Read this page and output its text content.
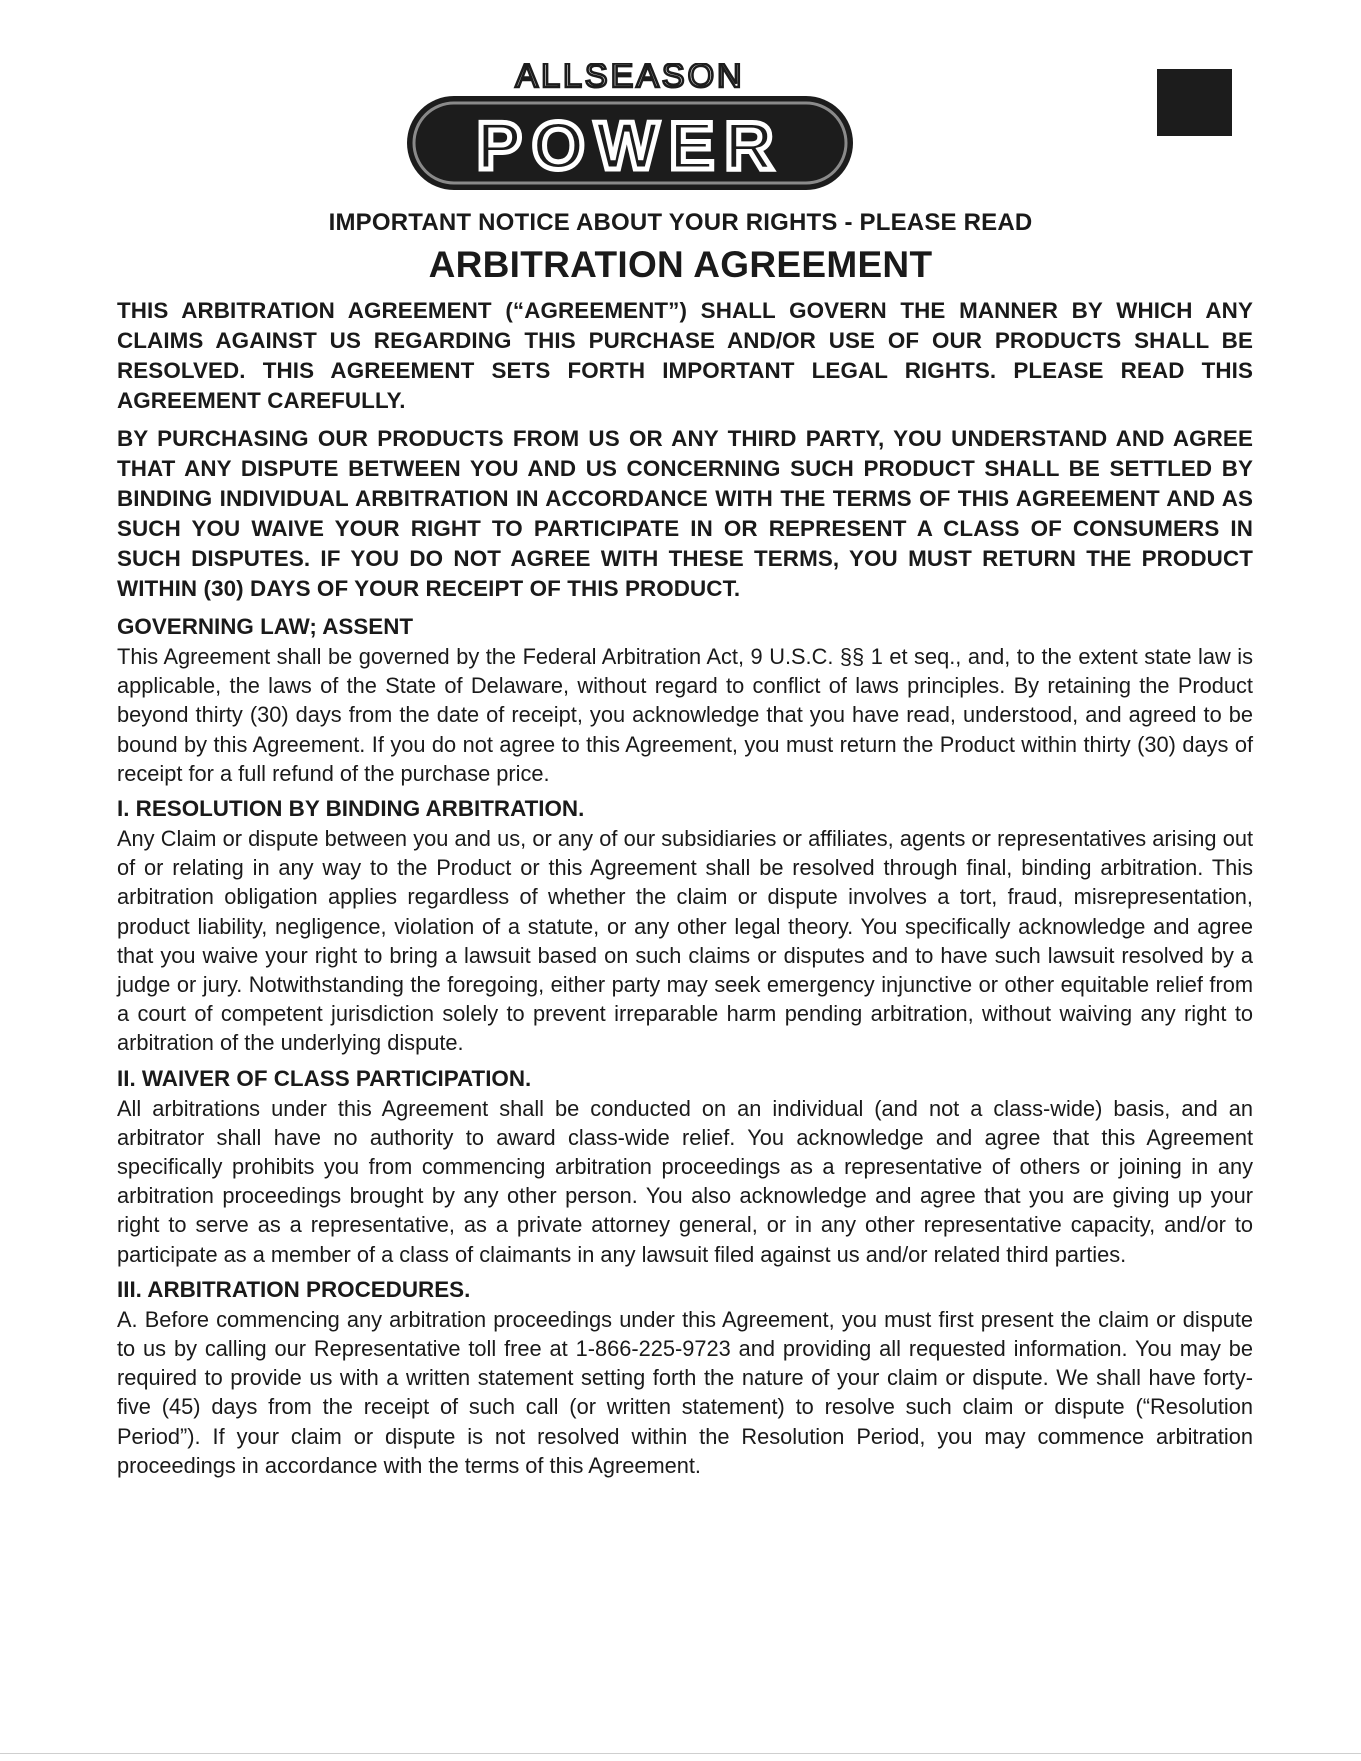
ALLSEASON
POWER
IMPORTANT NOTICE ABOUT YOUR RIGHTS - PLEASE READ
ARBITRATION AGREEMENT

THIS ARBITRATION AGREEMENT (“AGREEMENT”) SHALL GOVERN THE MANNER BY WHICH ANY CLAIMS AGAINST US REGARDING THIS PURCHASE AND/OR USE OF OUR PRODUCTS SHALL BE RESOLVED. THIS AGREEMENT SETS FORTH IMPORTANT LEGAL RIGHTS. PLEASE READ THIS AGREEMENT CAREFULLY.

BY PURCHASING OUR PRODUCTS FROM US OR ANY THIRD PARTY, YOU UNDERSTAND AND AGREE THAT ANY DISPUTE BETWEEN YOU AND US CONCERNING SUCH PRODUCT SHALL BE SETTLED BY BINDING INDIVIDUAL ARBITRATION IN ACCORDANCE WITH THE TERMS OF THIS AGREEMENT AND AS SUCH YOU WAIVE YOUR RIGHT TO PARTICIPATE IN OR REPRESENT A CLASS OF CONSUMERS IN SUCH DISPUTES. IF YOU DO NOT AGREE WITH THESE TERMS, YOU MUST RETURN THE PRODUCT WITHIN (30) DAYS OF YOUR RECEIPT OF THIS PRODUCT.

GOVERNING LAW; ASSENT

This Agreement shall be governed by the Federal Arbitration Act, 9 U.S.C. §§ 1 et seq., and, to the extent state law is applicable, the laws of the State of Delaware, without regard to conflict of laws principles. By retaining the Product beyond thirty (30) days from the date of receipt, you acknowledge that you have read, understood, and agreed to be bound by this Agreement. If you do not agree to this Agreement, you must return the Product within thirty (30) days of receipt for a full refund of the purchase price.

I. RESOLUTION BY BINDING ARBITRATION.

Any Claim or dispute between you and us, or any of our subsidiaries or affiliates, agents or representatives arising out of or relating in any way to the Product or this Agreement shall be resolved through final, binding arbitration. This arbitration obligation applies regardless of whether the claim or dispute involves a tort, fraud, misrepresentation, product liability, negligence, violation of a statute, or any other legal theory. You specifically acknowledge and agree that you waive your right to bring a lawsuit based on such claims or disputes and to have such lawsuit resolved by a judge or jury. Notwithstanding the foregoing, either party may seek emergency injunctive or other equitable relief from a court of competent jurisdiction solely to prevent irreparable harm pending arbitration, without waiving any right to arbitration of the underlying dispute.

II. WAIVER OF CLASS PARTICIPATION.

All arbitrations under this Agreement shall be conducted on an individual (and not a class-wide) basis, and an arbitrator shall have no authority to award class-wide relief. You acknowledge and agree that this Agreement specifically prohibits you from commencing arbitration proceedings as a representative of others or joining in any arbitration proceedings brought by any other person. You also acknowledge and agree that you are giving up your right to serve as a representative, as a private attorney general, or in any other representative capacity, and/or to participate as a member of a class of claimants in any lawsuit filed against us and/or related third parties.

III. ARBITRATION PROCEDURES.

A. Before commencing any arbitration proceedings under this Agreement, you must first present the claim or dispute to us by calling our Representative toll free at 1-866-225-9723 and providing all requested information. You may be required to provide us with a written statement setting forth the nature of your claim or dispute. We shall have forty-five (45) days from the receipt of such call (or written statement) to resolve such claim or dispute (“Resolution Period”). If your claim or dispute is not resolved within the Resolution Period, you may commence arbitration proceedings in accordance with the terms of this Agreement.
